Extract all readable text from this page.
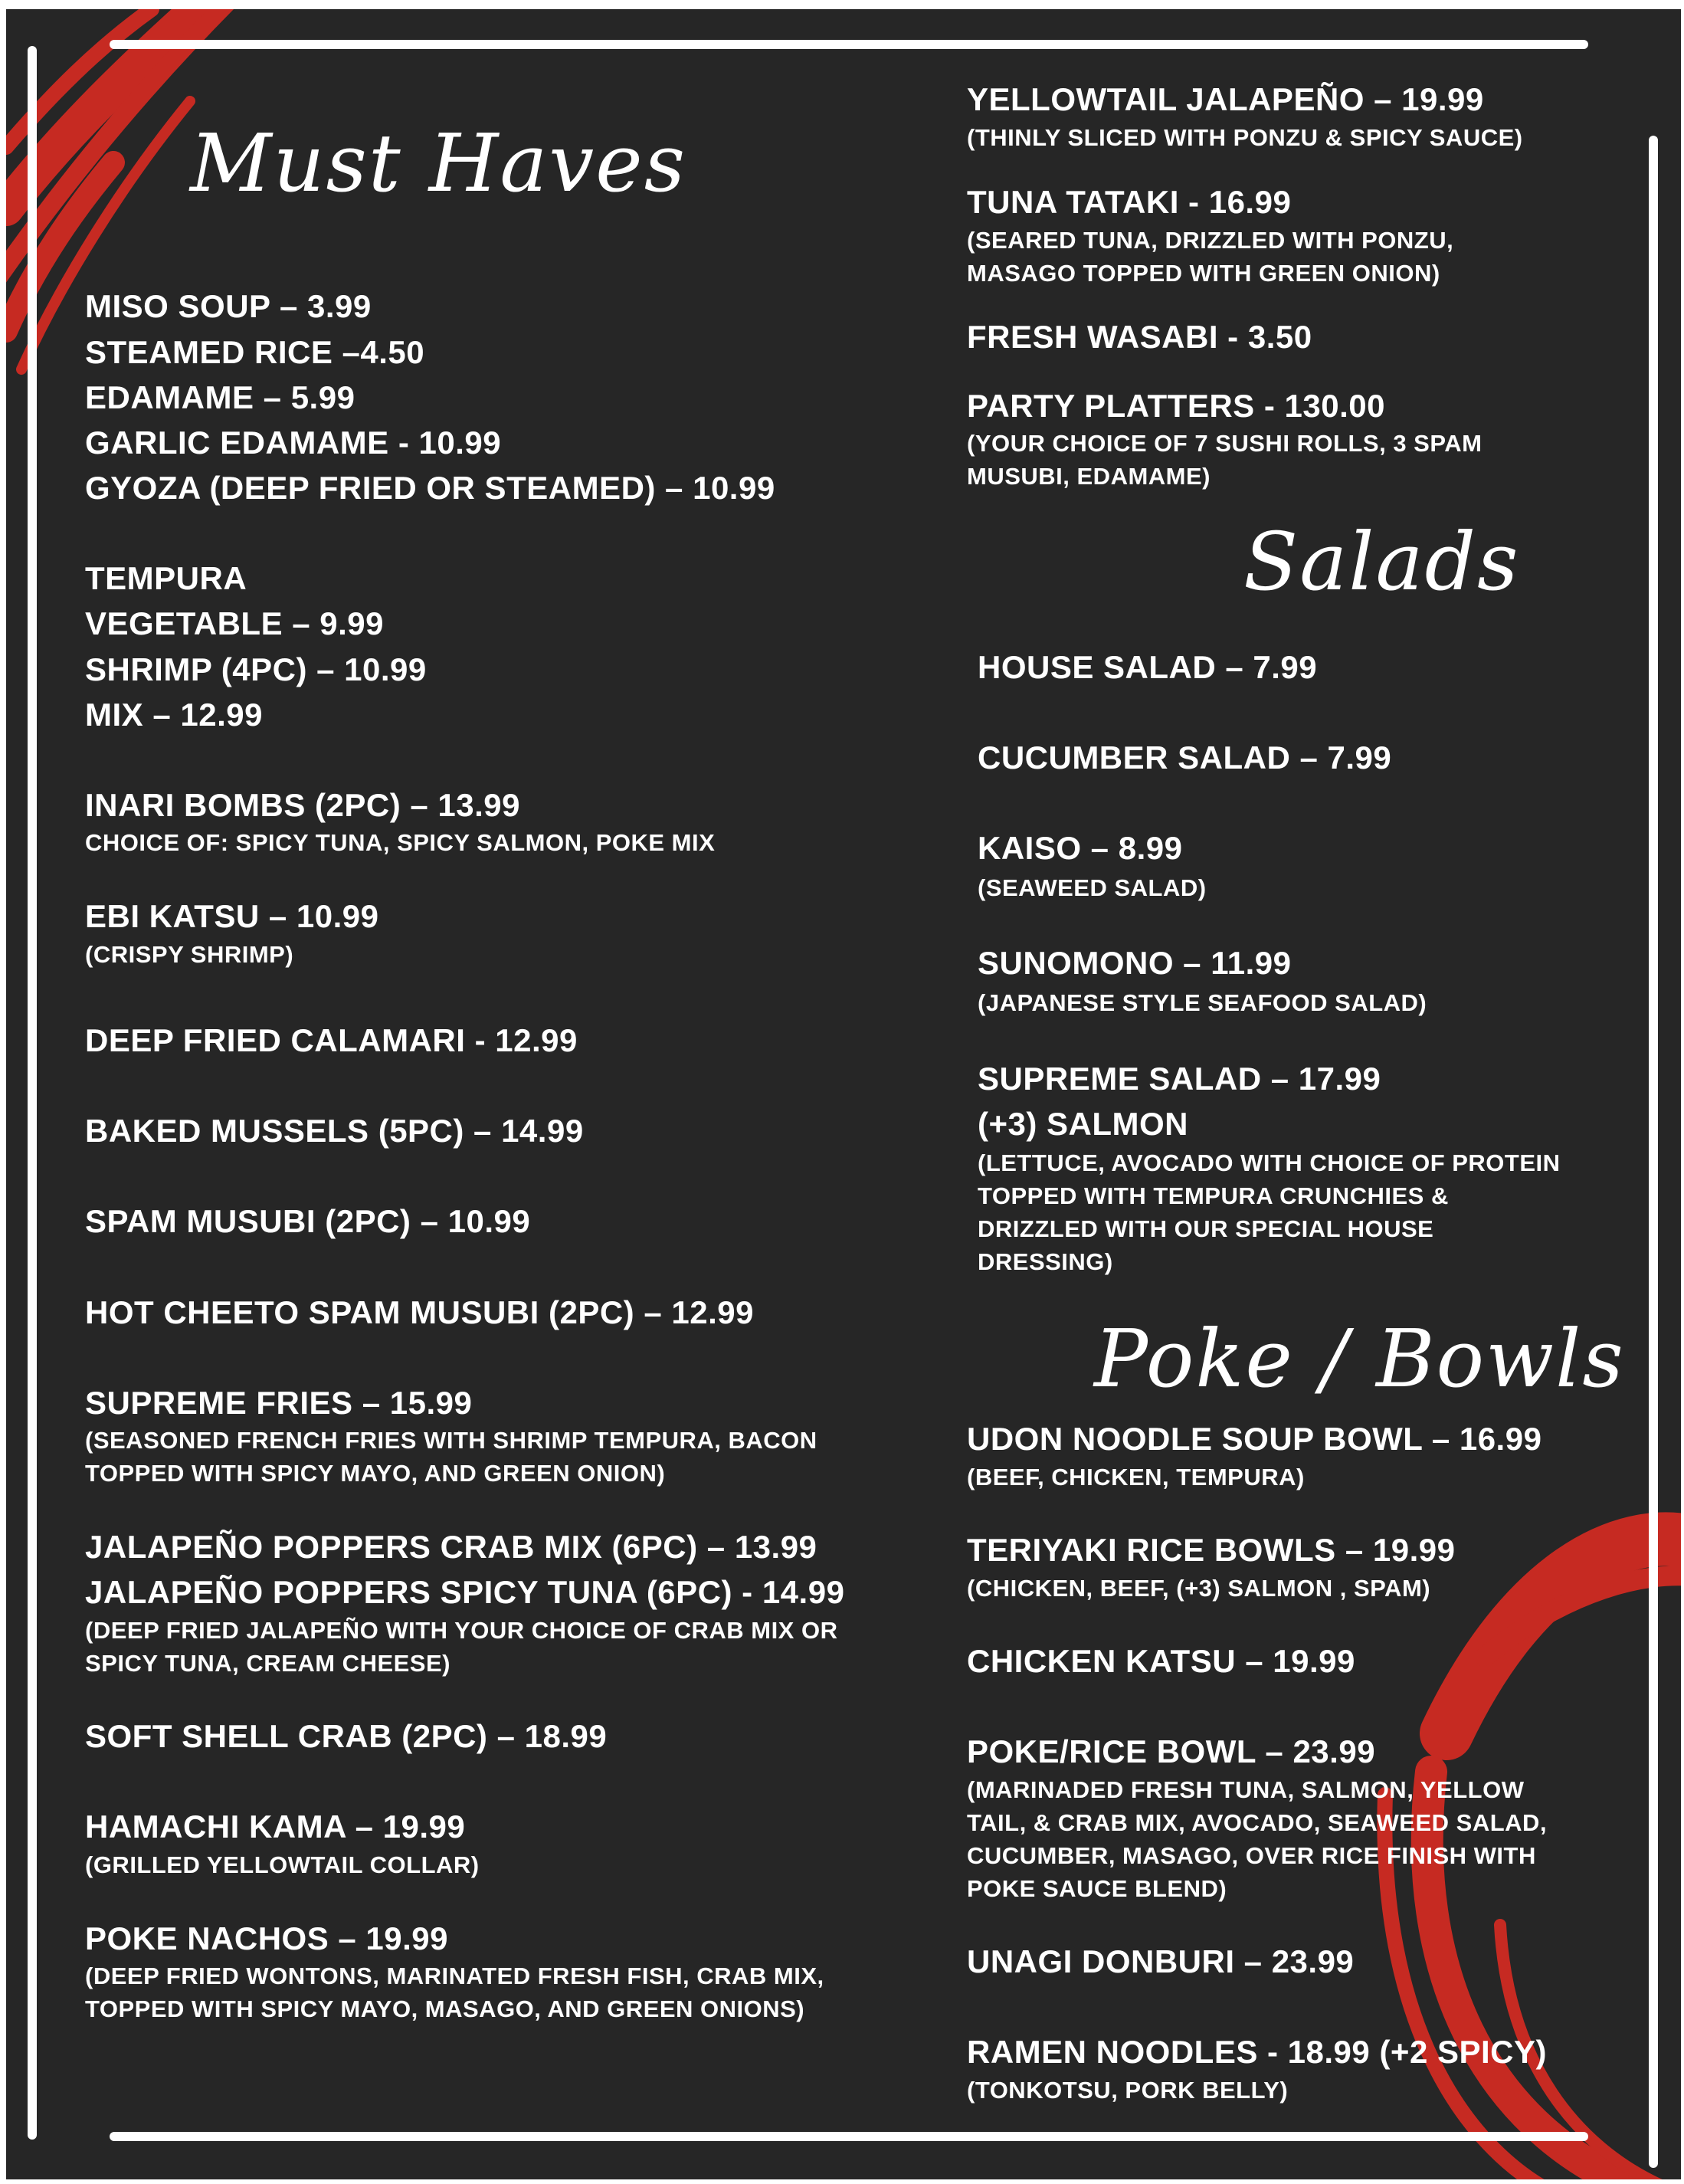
Must Haves
MISO SOUP – 3.99
STEAMED RICE –4.50
EDAMAME – 5.99
GARLIC EDAMAME - 10.99
GYOZA (DEEP FRIED OR STEAMED) – 10.99
TEMPURA
VEGETABLE – 9.99
SHRIMP (4PC) – 10.99
MIX – 12.99
INARI BOMBS (2PC) – 13.99
CHOICE OF: SPICY TUNA, SPICY SALMON, POKE MIX
EBI KATSU – 10.99
(CRISPY SHRIMP)
DEEP FRIED CALAMARI - 12.99
BAKED MUSSELS (5PC) – 14.99
SPAM MUSUBI (2PC) – 10.99
HOT CHEETO SPAM MUSUBI (2PC) – 12.99
SUPREME FRIES – 15.99
(SEASONED FRENCH FRIES WITH SHRIMP TEMPURA, BACON
TOPPED WITH SPICY MAYO, AND GREEN ONION)
JALAPEÑO POPPERS CRAB MIX (6PC) – 13.99
JALAPEÑO POPPERS SPICY TUNA (6PC) - 14.99
(DEEP FRIED JALAPEÑO WITH YOUR CHOICE OF CRAB MIX OR
SPICY TUNA, CREAM CHEESE)
SOFT SHELL CRAB (2PC) – 18.99
HAMACHI KAMA – 19.99
(GRILLED YELLOWTAIL COLLAR)
POKE NACHOS – 19.99
(DEEP FRIED WONTONS, MARINATED FRESH FISH, CRAB MIX,
TOPPED WITH SPICY MAYO, MASAGO, AND GREEN ONIONS)
YELLOWTAIL JALAPEÑO – 19.99
(THINLY SLICED WITH PONZU & SPICY SAUCE)
TUNA TATAKI - 16.99
(SEARED TUNA, DRIZZLED WITH PONZU,
MASAGO TOPPED WITH GREEN ONION)
FRESH WASABI - 3.50
PARTY PLATTERS - 130.00
(YOUR CHOICE OF 7 SUSHI ROLLS, 3 SPAM
MUSUBI, EDAMAME)
Salads
HOUSE SALAD – 7.99
CUCUMBER SALAD – 7.99
KAISO – 8.99
(SEAWEED SALAD)
SUNOMONO – 11.99
(JAPANESE STYLE SEAFOOD SALAD)
SUPREME SALAD – 17.99
(+3) SALMON
(LETTUCE, AVOCADO WITH CHOICE OF PROTEIN
TOPPED WITH TEMPURA CRUNCHIES &
DRIZZLED WITH OUR SPECIAL HOUSE
DRESSING)
Poke / Bowls
UDON NOODLE SOUP BOWL – 16.99
(BEEF, CHICKEN, TEMPURA)
TERIYAKI RICE BOWLS – 19.99
(CHICKEN, BEEF, (+3) SALMON , SPAM)
CHICKEN KATSU – 19.99
POKE/RICE BOWL – 23.99
(MARINADED FRESH TUNA, SALMON, YELLOW
TAIL, & CRAB MIX, AVOCADO, SEAWEED SALAD,
CUCUMBER, MASAGO, OVER RICE FINISH WITH
POKE SAUCE BLEND)
UNAGI DONBURI – 23.99
RAMEN NOODLES - 18.99 (+2 SPICY)
(TONKOTSU, PORK BELLY)
